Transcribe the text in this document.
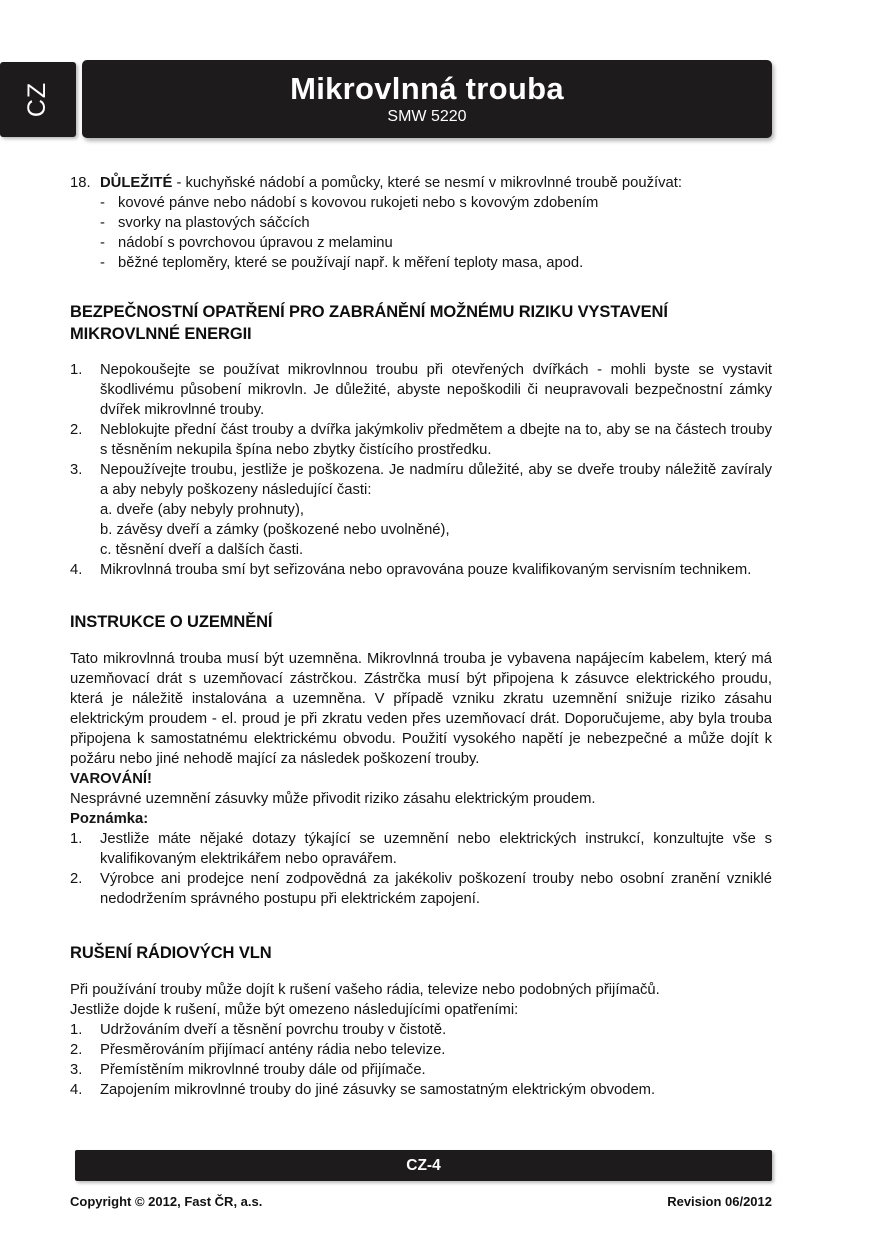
CZ	Mikrovlnná trouba
SMW 5220
18. DŮLEŽITÉ - kuchyňské nádobí a pomůcky, které se nesmí v mikrovlnné troubě používat:
- kovové pánve nebo nádobí s kovovou rukojeti nebo s kovovým zdobením
- svorky na plastových sáčcích
- nádobí s povrchovou úpravou z melaminu
- běžné teploměry, které se používají např. k měření teploty masa, apod.
BEZPEČNOSTNÍ OPATŘENÍ PRO ZABRÁNĚNÍ MOŽNÉMU RIZIKU VYSTAVENÍ MIKROVLNNÉ ENERGII
1.	Nepokoušejte se používat mikrovlnnou troubu při otevřených dvířkách - mohli byste se vystavit škodlivému působení mikrovln. Je důležité, abyste nepoškodili či neupravovali bezpečnostní zámky dvířek mikrovlnné trouby.
2.	Neblokujte přední část trouby a dvířka jakýmkoliv předmětem a dbejte na to, aby se na částech trouby s těsněním nekupila špína nebo zbytky čistícího prostředku.
3.	Nepoužívejte troubu, jestliže je poškozena. Je nadmíru důležité, aby se dveře trouby náležitě zavíraly a aby nebyly poškozeny následující časti:
a. dveře (aby nebyly prohnuty),
b. závěsy dveří a zámky (poškozené nebo uvolněné),
c. těsnění dveří a dalších časti.
4.	Mikrovlnná trouba smí byt seřizována nebo opravována pouze kvalifikovaným servisním technikem.
INSTRUKCE O UZEMNĚNÍ
Tato mikrovlnná trouba musí být uzemněna. Mikrovlnná trouba je vybavena napájecím kabelem, který má uzemňovací drát s uzemňovací zástrčkou. Zástrčka musí být připojena k zásuvce elektrického proudu, která je náležitě instalována a uzemněna. V případě vzniku zkratu uzemnění snižuje riziko zásahu elektrickým proudem - el. proud je při zkratu veden přes uzemňovací drát. Doporučujeme, aby byla trouba připojena k samostatnému elektrickému obvodu. Použití vysokého napětí je nebezpečné a může dojít k požáru nebo jiné nehodě mající za následek poškození trouby.
VAROVÁNÍ!
Nesprávné uzemnění zásuvky může přivodit riziko zásahu elektrickým proudem.
Poznámka:
1.	Jestliže máte nějaké dotazy týkající se uzemnění nebo elektrických instrukcí, konzultujte vše s kvalifikovaným elektrikářem nebo opravářem.
2.	Výrobce ani prodejce není zodpovědná za jakékoliv poškození trouby nebo osobní zranění vzniklé nedodržením správného postupu při elektrickém zapojení.
RUŠENÍ RÁDIOVÝCH VLN
Při používání trouby může dojít k rušení vašeho rádia, televize nebo podobných přijímačů.
Jestliže dojde k rušení, může být omezeno následujícími opatřeními:
1.	Udržováním dveří a těsnění povrchu trouby v čistotě.
2.	Přesměrováním přijímací antény rádia nebo televize.
3.	Přemístěním mikrovlnné trouby dále od přijímače.
4.	Zapojením mikrovlnné trouby do jiné zásuvky se samostatným elektrickým obvodem.
CZ-4
Copyright © 2012, Fast ČR, a.s.	Revision 06/2012
